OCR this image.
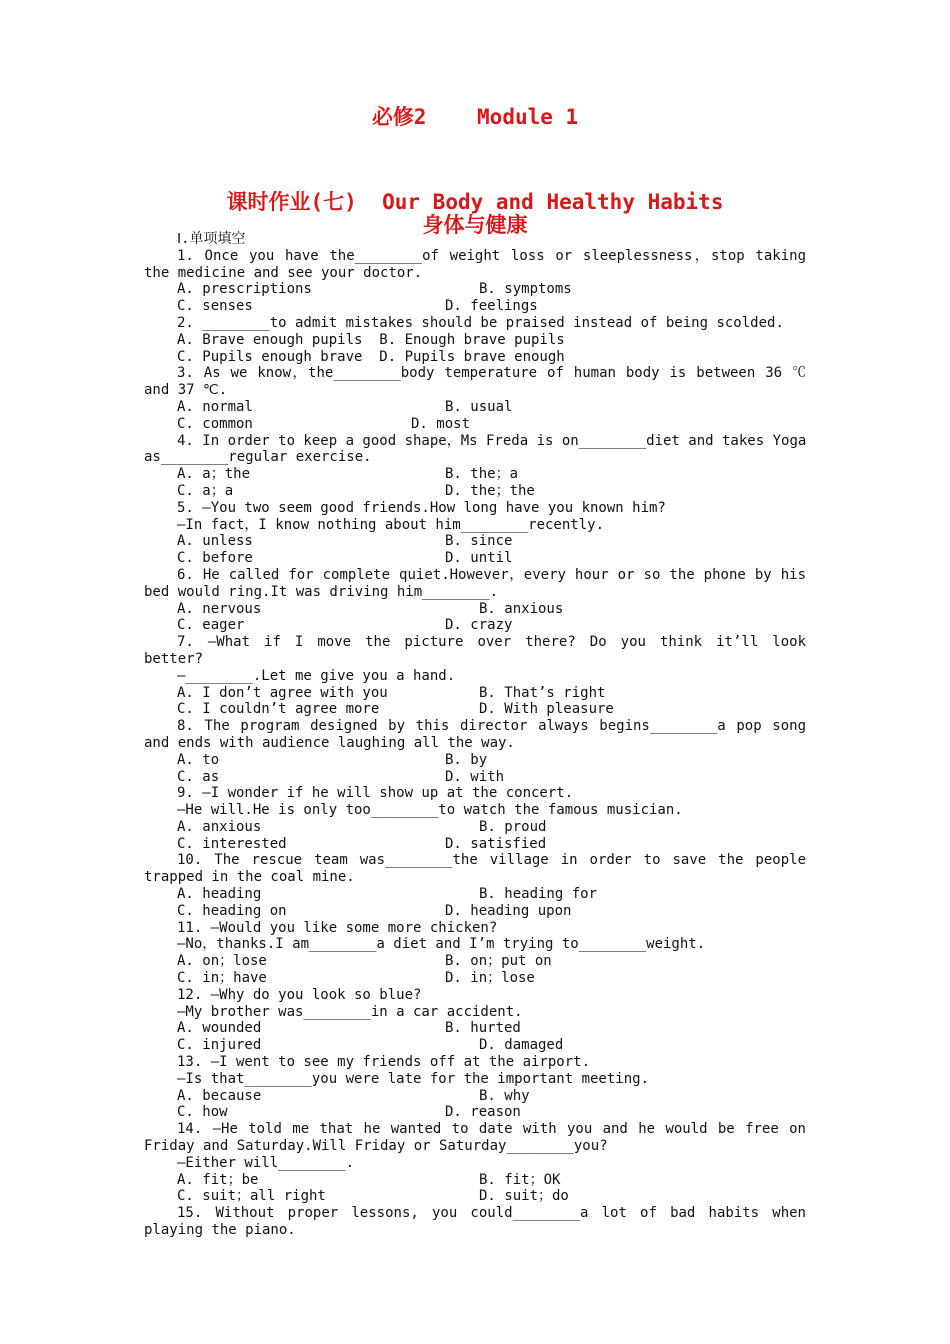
必修2    Module 1
课时作业(七)  Our Body and Healthy Habits
身体与健康
Ⅰ.单项填空
1. Once you have the________of weight loss or sleeplessness，stop taking
the medicine and see your doctor.
A. prescriptions	B. symptoms
C. senses	D. feelings
2. ________to admit mistakes should be praised instead of being scolded.
A. Brave enough pupils  B. Enough brave pupils
C. Pupils enough brave  D. Pupils brave enough
3. As we know，the________body temperature of human body is between 36 ℃
and 37 ℃.
A. normal	B. usual
C. common	D. most
4. In order to keep a good shape，Ms Freda is on________diet and takes Yoga
as________regular exercise.
A. a；the	B. the；a
C. a；a	D. the；the
5. —You two seem good friends.How long have you known him?
—In fact，I know nothing about him________recently.
A. unless	B. since
C. before	D. until
6. He called for complete quiet.However，every hour or so the phone by his
bed would ring.It was driving him________.
A. nervous	B. anxious
C. eager	D. crazy
7. —What if I move the picture over there? Do you think it’ll look
better?
—________.Let me give you a hand.
A. I don’t agree with you	B. That’s right
C. I couldn’t agree more	D. With pleasure
8. The program designed by this director always begins________a pop song
and ends with audience laughing all the way.
A. to	B. by
C. as	D. with
9. —I wonder if he will show up at the concert.
—He will.He is only too________to watch the famous musician.
A. anxious	B. proud
C. interested	D. satisfied
10. The rescue team was________the village in order to save the people
trapped in the coal mine.
A. heading	B. heading for
C. heading on	D. heading upon
11. —Would you like some more chicken?
—No，thanks.I am________a diet and I’m trying to________weight.
A. on；lose	B. on；put on
C. in；have	D. in；lose
12. —Why do you look so blue?
—My brother was________in a car accident.
A. wounded	B. hurted
C. injured	D. damaged
13. —I went to see my friends off at the airport.
—Is that________you were late for the important meeting.
A. because	B. why
C. how	D. reason
14. —He told me that he wanted to date with you and he would be free on
Friday and Saturday.Will Friday or Saturday________you?
—Either will________.
A. fit；be	B. fit；OK
C. suit；all right	D. suit；do
15. Without proper lessons, you could________a lot of bad habits when
playing the piano.
